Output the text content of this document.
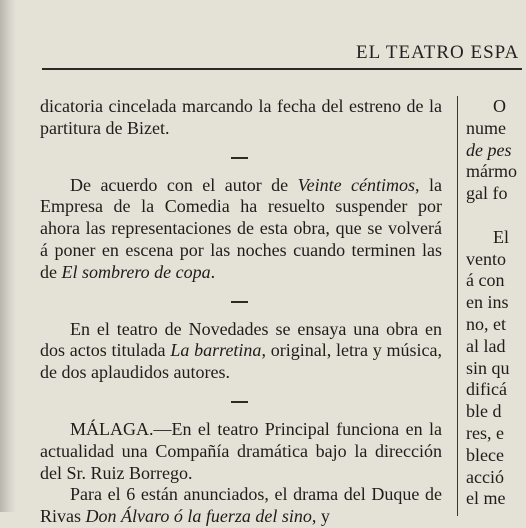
EL TEATRO ESPA

dicatoria cincelada marcando la fecha del estreno de la partitura de Bizet.

De acuerdo con el autor de Veinte céntimos, la Empresa de la Comedia ha resuelto suspender por ahora las representaciones de esta obra, que se volverá á poner en escena por las noches cuando terminen las de El sombrero de copa.

En el teatro de Novedades se ensaya una obra en dos actos titulada La barretina, original, letra y música, de dos aplaudidos autores.

MÁLAGA.—En el teatro Principal funciona en la actualidad una Compañía dramática bajo la dirección del Sr. Ruiz Borrego.

Para el 6 están anunciados, el drama del Duque de Rivas Don Álvaro ó la fuerza del sino, y

O
nume
de pes
mármo
gal fo
El
vento
á con
en ins
no, et
al lad
sin qu
dificá
ble d
res, e
blece
acció
el me
